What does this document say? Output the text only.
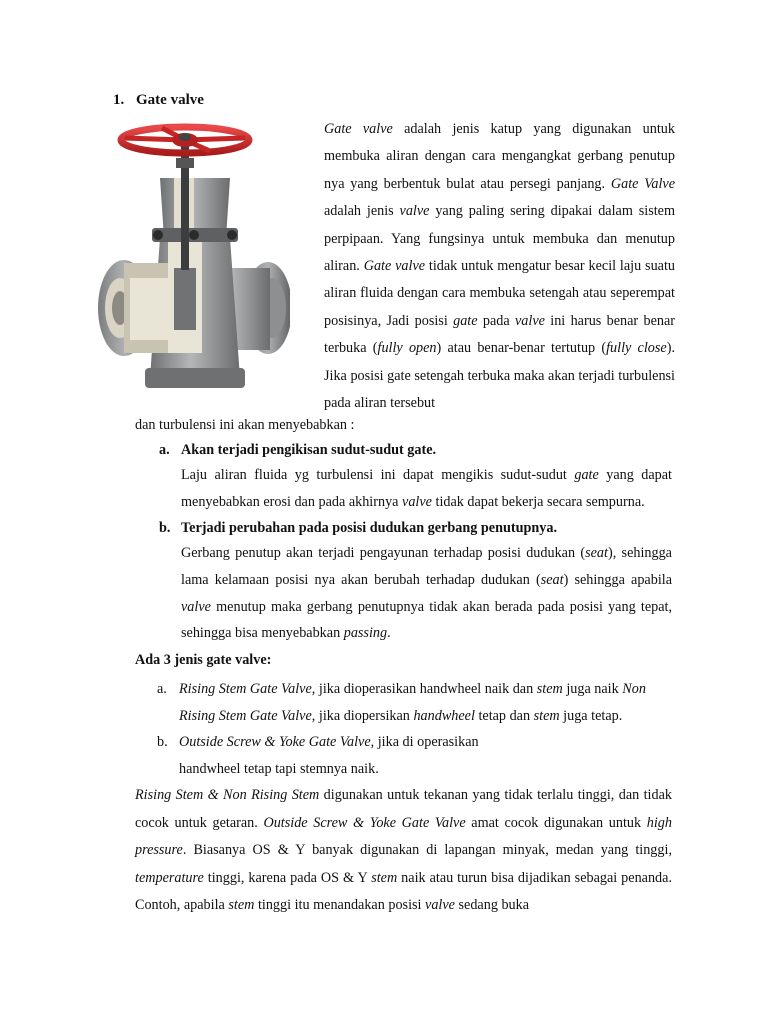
1. Gate valve
Gate valve adalah jenis katup yang digunakan untuk membuka aliran dengan cara mengangkat gerbang penutup nya yang berbentuk bulat atau persegi panjang. Gate Valve adalah jenis valve yang paling sering dipakai dalam sistem perpipaan. Yang fungsinya untuk membuka dan menutup aliran. Gate valve tidak untuk mengatur besar kecil laju suatu aliran fluida dengan cara membuka setengah atau seperempat posisinya, Jadi posisi gate pada valve ini harus benar benar terbuka (fully open) atau benar-benar tertutup (fully close). Jika posisi gate setengah terbuka maka akan terjadi turbulensi pada aliran tersebut
dan turbulensi ini akan menyebabkan :
a. Akan terjadi pengikisan sudut-sudut gate.
Laju aliran fluida yg turbulensi ini dapat mengikis sudut-sudut gate yang dapat menyebabkan erosi dan pada akhirnya valve tidak dapat bekerja secara sempurna.
b. Terjadi perubahan pada posisi dudukan gerbang penutupnya.
Gerbang penutup akan terjadi pengayunan terhadap posisi dudukan (seat), sehingga lama kelamaan posisi nya akan berubah terhadap dudukan (seat) sehingga apabila valve menutup maka gerbang penutupnya tidak akan berada pada posisi yang tepat, sehingga bisa menyebabkan passing.
Ada 3 jenis gate valve:
a. Rising Stem Gate Valve, jika dioperasikan handwheel naik dan stem juga naik Non Rising Stem Gate Valve, jika diopersikan handwheel tetap dan stem juga tetap.
b. Outside Screw & Yoke Gate Valve, jika di operasikan handwheel tetap tapi stemnya naik.
Rising Stem & Non Rising Stem digunakan untuk tekanan yang tidak terlalu tinggi, dan tidak cocok untuk getaran. Outside Screw & Yoke Gate Valve amat cocok digunakan untuk high pressure. Biasanya OS & Y banyak digunakan di lapangan minyak, medan yang tinggi, temperature tinggi, karena pada OS & Y stem naik atau turun bisa dijadikan sebagai penanda. Contoh, apabila stem tinggi itu menandakan posisi valve sedang buka
